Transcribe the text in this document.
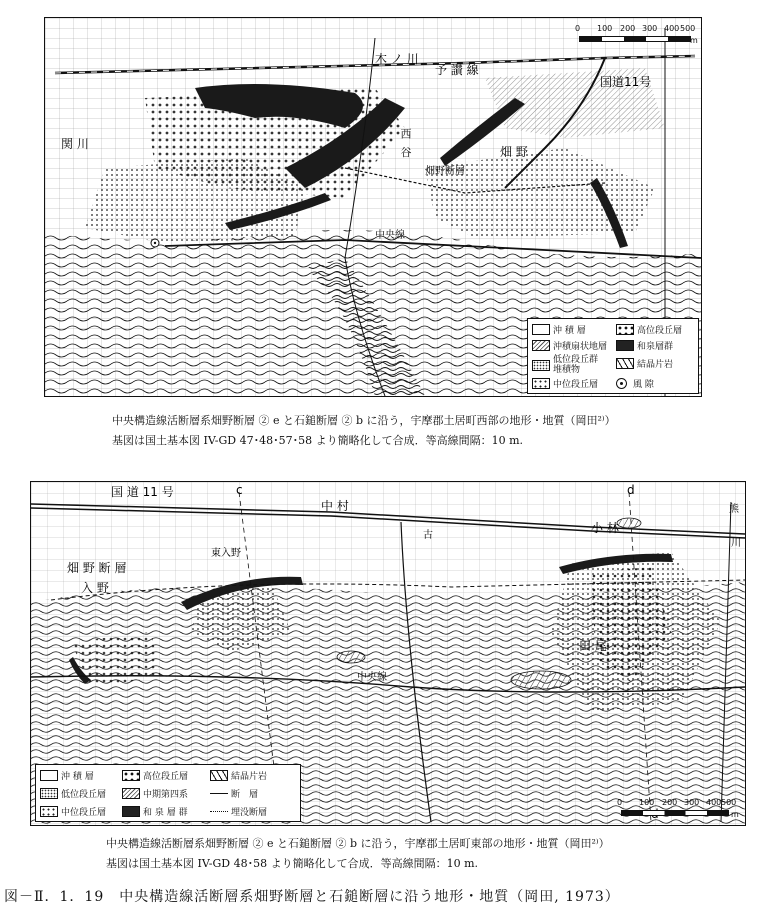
予 讃 線
木 ノ 川
西 谷
国道11号
畑 野
畑野断層
中央線
関 川
0 100 200 300 400 500
m
沖 積 層	高位段丘層
沖積扇状地層	和泉層群
低位段丘群
堆積物	結晶片岩
中位段丘層	風 隙
中央構造線活断層系畑野断層 ② e と石鎚断層 ② b に沿う，宇摩郡土居町西部の地形・地質（岡田²⁾）
基図は国土基本図 IV-GD 47･48･57･58 より簡略化して合成．等高線間隔：10 m.
国 道 11 号
中 村
小 林
畑 野 断 層
東入野
入 野
田 尾
中央線
古
c	d
川
熊
沖 積 層	高位段丘層	結晶片岩
低位段丘層	中期第四系	断　層
中位段丘層	和 泉 層 群	埋没断層
0 100 200 300 400 500
m
中央構造線活断層系畑野断層 ② e と石鎚断層 ② b に沿う，宇摩郡土居町東部の地形・地質（岡田²⁾）
基図は国土基本図 IV-GD 48･58 より簡略化して合成．等高線間隔：10 m.
図－Ⅱ．1．19　中央構造線活断層系畑野断層と石鎚断層に沿う地形・地質（岡田, 1973）
